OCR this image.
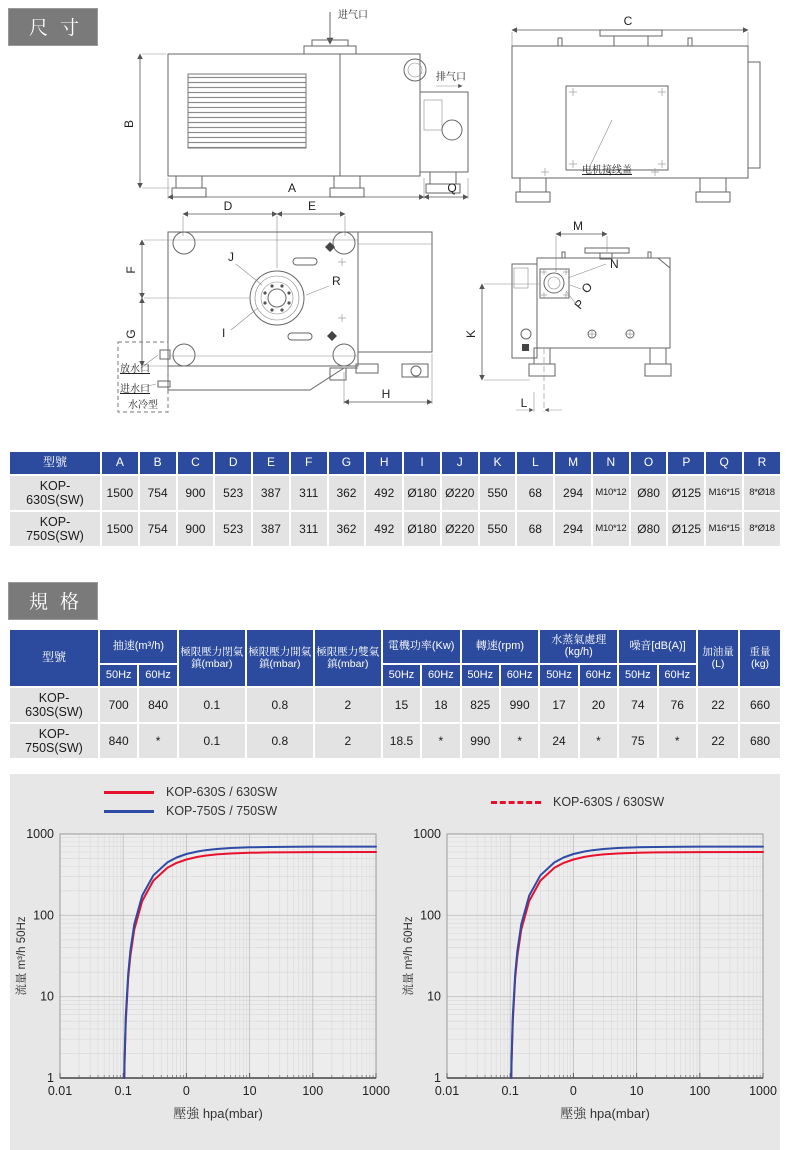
尺寸
进气口
排气口
B
A	Q
C
电机接线盖
D	E
F
G
J
I
R
H
放水口
进水口
水冷型
M
N
O
P
K
L
型號	A	B	C	D	E	F	G	H	I	J	K	L	M	N	O	P	Q	R
KOP-630S(SW)	1500	754	900	523	387	311	362	492	Ø180	Ø220	550	68	294	M10*12	Ø80	Ø125	M16*15	8*Ø18
KOP-750S(SW)	1500	754	900	523	387	311	362	492	Ø180	Ø220	550	68	294	M10*12	Ø80	Ø125	M16*15	8*Ø18
規格
型號	抽速(m³/h)		極限壓力閉氣鎮(mbar)	極限壓力開氣鎮(mbar)	極限壓力雙氣鎮(mbar)	電機功率(Kw)		轉速(rpm)		水蒸氣處理(kg/h)		噪音[dB(A)]		加油量(L)	重量(kg)
	50Hz	60Hz				50Hz	60Hz	50Hz	60Hz	50Hz	60Hz	50Hz	60Hz		
KOP-630S(SW)	700	840	0.1	0.8	2	15	18	825	990	17	20	74	76	22	660
KOP-750S(SW)	840	*	0.1	0.8	2	18.5	*	990	*	24	*	75	*	22	680
KOP-630S / 630SW
KOP-750S / 750SW
0.01	0.1	0	10	100	1000
1
10
100
1000
壓強 hpa(mbar)
流量 m³/h 50Hz
KOP-630S / 630SW
0.01	0.1	0	10	100	1000
1
10
100
1000
壓強 hpa(mbar)
流量 m³/h 60Hz
